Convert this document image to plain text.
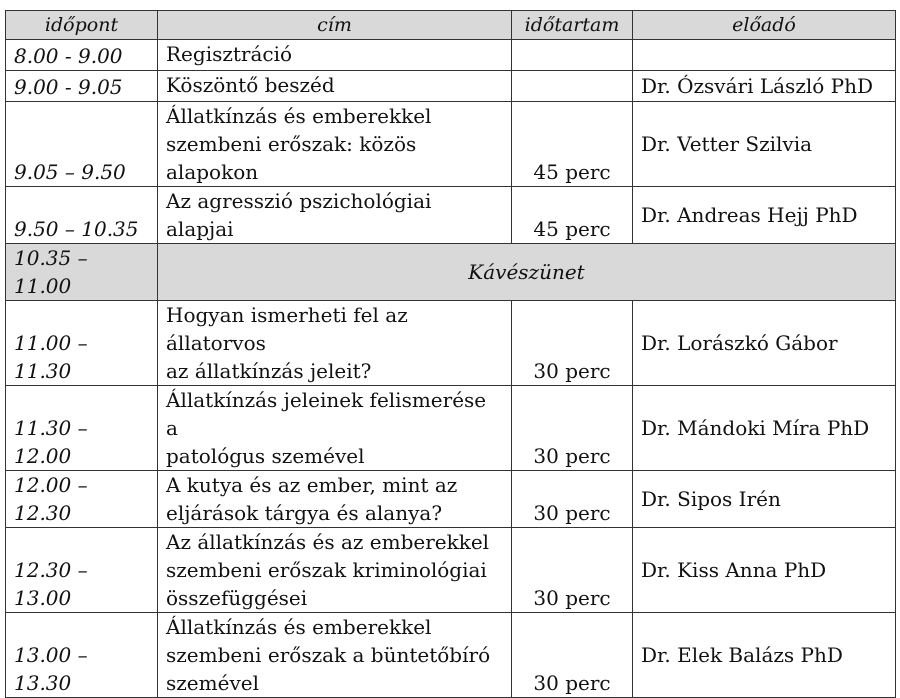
időpont	cím	időtartam	előadó
8.00 - 9.00	Regisztráció		

9.00 - 9.05	Köszöntő beszéd		Dr. Ózsvári László PhD
9.05 – 9.50	Állatkínzás és emberekkel
szembeni erőszak: közös
alapokon	45 perc	Dr. Vetter Szilvia
9.50 – 10.35	Az agresszió pszichológiai alapjai	45 perc	Dr. Andreas Hejj PhD
10.35 – 11.00	Kávészünet		
11.00 – 11.30	Hogyan ismerheti fel az állatorvos
az állatkínzás jeleit?	30 perc	Dr. Lorászkó Gábor
11.30 – 12.00	Állatkínzás jeleinek felismerése a
patológus szemével	30 perc	Dr. Mándoki Míra PhD
12.00 – 12.30	A kutya és az ember, mint az
eljárások tárgya és alanya?	30 perc	Dr. Sipos Irén
12.30 – 13.00	Az állatkínzás és az emberekkel
szembeni erőszak kriminológiai
összefüggései	30 perc	Dr. Kiss Anna PhD
13.00 – 13.30	Állatkínzás és emberekkel
szembeni erőszak a büntetőbíró
szemével	30 perc	Dr. Elek Balázs PhD
